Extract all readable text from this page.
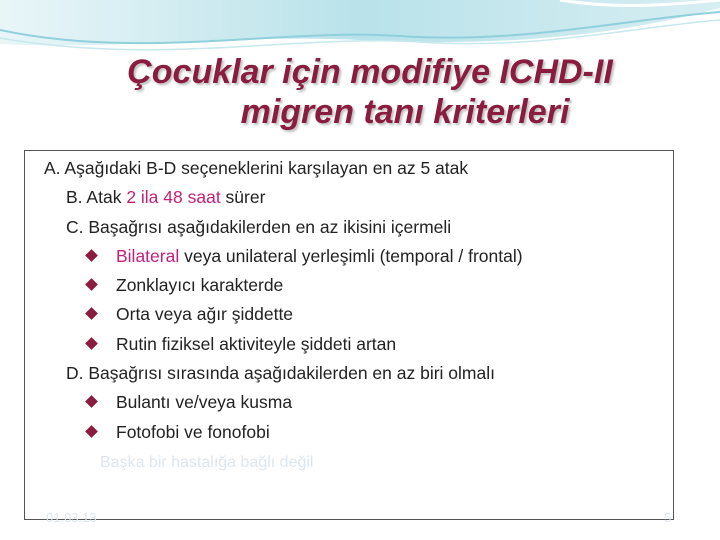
Çocuklar için modifiye ICHD-II
migren tanı kriterleri
A. Aşağıdaki B-D seçeneklerini karşılayan en az 5 atak
B. Atak 2 ila 48 saat sürer
C. Başağrısı aşağıdakilerden en az ikisini içermeli
Bilateral veya unilateral yerleşimli (temporal / frontal)
Zonklayıcı karakterde
Orta veya ağır şiddette
Rutin fiziksel aktiviteyle şiddeti artan
D. Başağrısı sırasında aşağıdakilerden en az biri olmalı
Bulantı ve/veya kusma
Fotofobi ve fonofobi
Başka bir hastalığa bağlı değil
01.03.13	5
